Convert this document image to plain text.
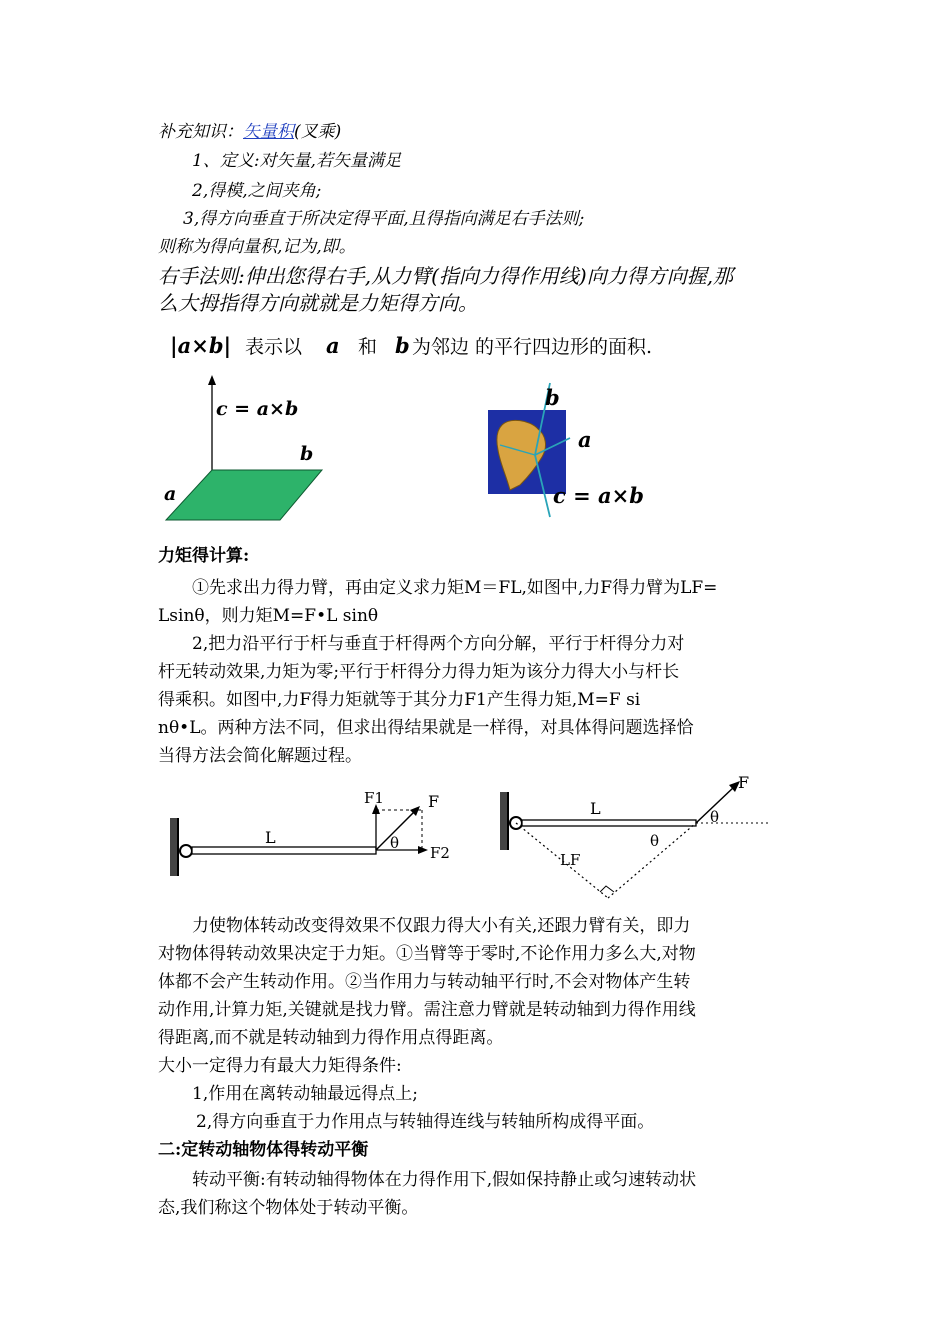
补充知识：矢量积(叉乘)
1、定义:对矢量,若矢量满足
2,得模,之间夹角;
3,得方向垂直于所决定得平面,且得指向满足右手法则;
则称为得向量积,记为,即。
右手法则:伸出您得右手,从力臂(指向力得作用线)向力得方向握,那
么大拇指得方向就就是力矩得方向。
|a×b| 表示以 a 和 b 为邻边 的平行四边形的面积.
c = a×b
b
a
b
a
c = a×b
力矩得计算:
①先求出力得力臂，再由定义求力矩M＝FL,如图中,力F得力臂为LF=
Lsinθ，则力矩M=F•L sinθ
2,把力沿平行于杆与垂直于杆得两个方向分解，平行于杆得分力对
杆无转动效果,力矩为零;平行于杆得分力得力矩为该分力得大小与杆长
得乘积。如图中,力F得力矩就等于其分力F1产生得力矩,M=F si
nθ•L。两种方法不同，但求出得结果就是一样得，对具体得问题选择恰
当得方法会简化解题过程。
L
F1	F
F2
θ
L
F
θ
θ
LF
力使物体转动改变得效果不仅跟力得大小有关,还跟力臂有关，即力
对物体得转动效果决定于力矩。①当臂等于零时,不论作用力多么大,对物
体都不会产生转动作用。②当作用力与转动轴平行时,不会对物体产生转
动作用,计算力矩,关键就是找力臂。需注意力臂就是转动轴到力得作用线
得距离,而不就是转动轴到力得作用点得距离。
大小一定得力有最大力矩得条件:
1,作用在离转动轴最远得点上;
2,得方向垂直于力作用点与转轴得连线与转轴所构成得平面。
二:定转动轴物体得转动平衡
转动平衡:有转动轴得物体在力得作用下,假如保持静止或匀速转动状
态,我们称这个物体处于转动平衡。
